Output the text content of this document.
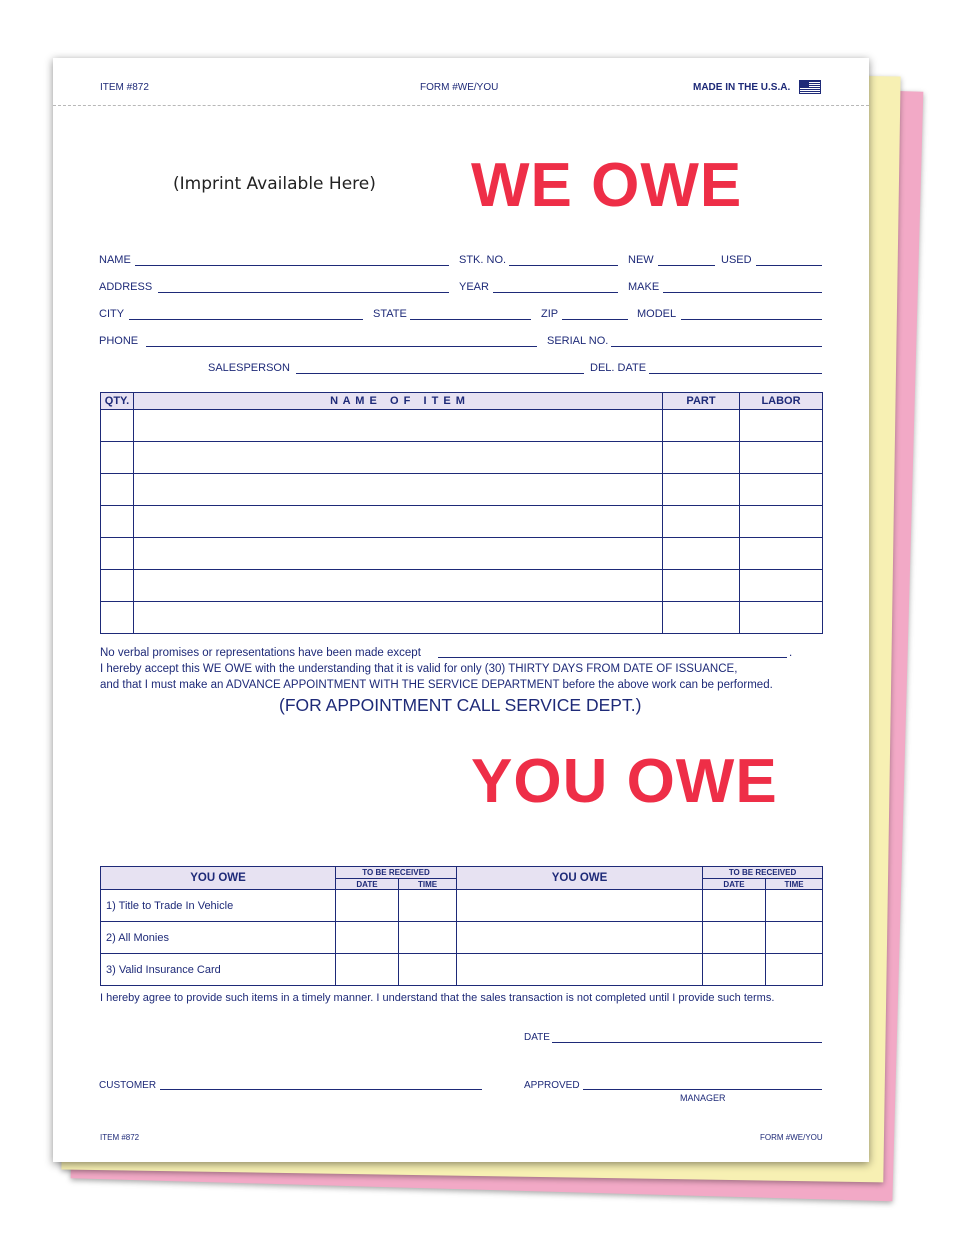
ITEM #872	FORM #WE/YOU	MADE IN THE U.S.A.
(Imprint Available Here) WE OWE
NAME	STK. NO.	NEW	USED
ADDRESS	YEAR	MAKE
CITY	STATE	ZIP	MODEL
PHONE	SERIAL NO.
SALESPERSON	DEL. DATE
QTY.	N A M E   O F   I T E M	PART	LABOR

No verbal promises or representations have been made except	.
I hereby accept this WE OWE with the understanding that it is valid for only (30) THIRTY DAYS FROM DATE OF ISSUANCE,
and that I must make an ADVANCE APPOINTMENT WITH THE SERVICE DEPARTMENT before the above work can be performed.
(FOR APPOINTMENT CALL SERVICE DEPT.)
YOU OWE
YOU OWE	TO BE RECEIVED		YOU OWE	TO BE RECEIVED	
	DATE	TIME		DATE	TIME
1) Title to Trade In Vehicle					
2) All Monies					
3) Valid Insurance Card					
I hereby agree to provide such items in a timely manner. I understand that the sales transaction is not completed until I provide such terms.
DATE
CUSTOMER	APPROVED
MANAGER
ITEM #872	FORM #WE/YOU
